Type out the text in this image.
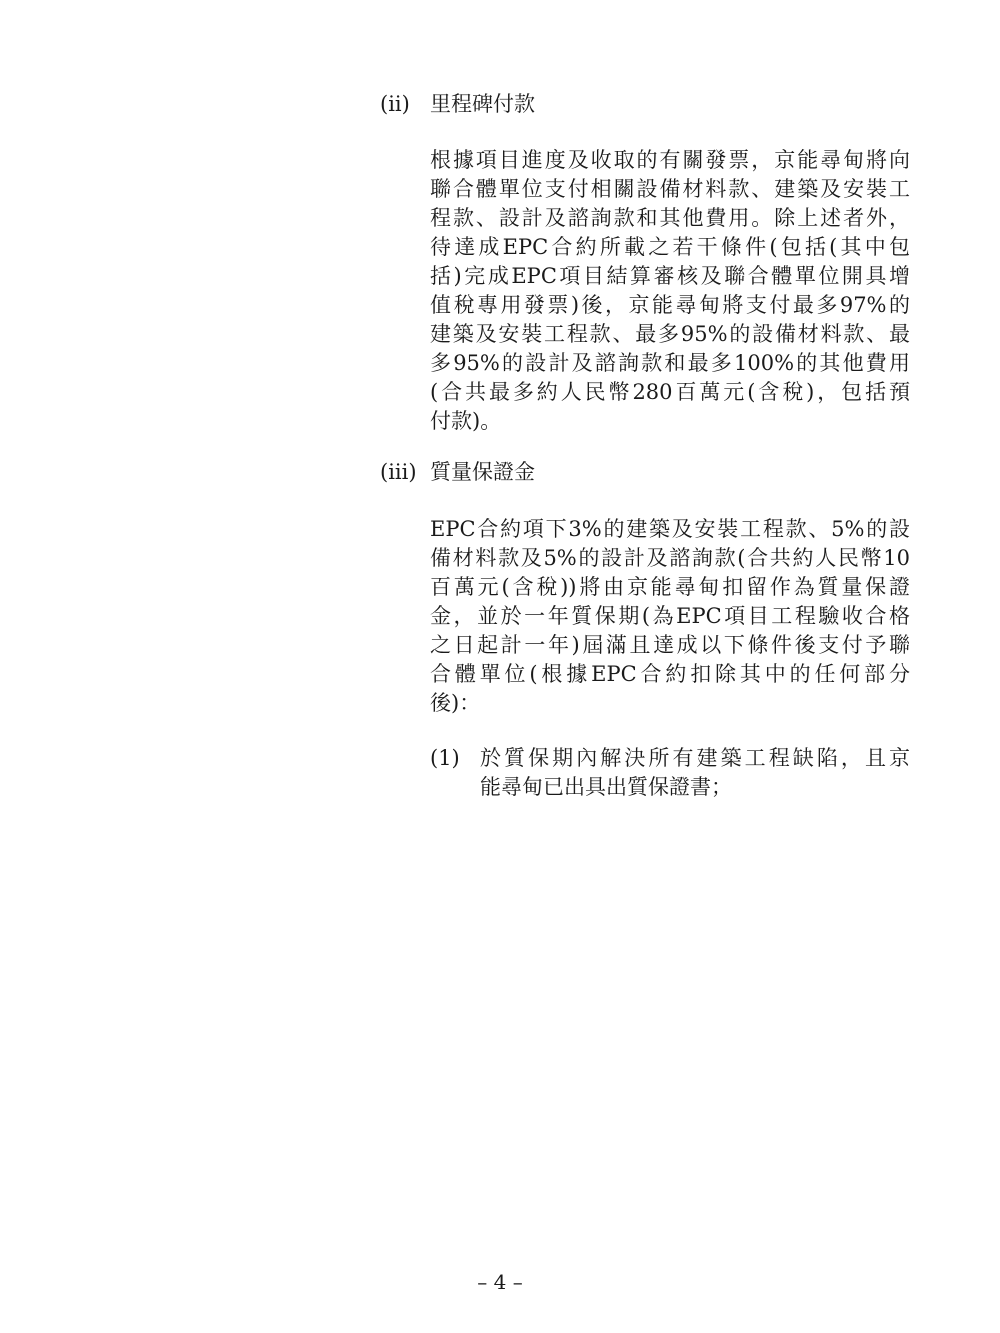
(ii) 里程碑付款
根據項目進度及收取的有關發票，京能尋甸將向
聯合體單位支付相關設備材料款、建築及安裝工
程款、設計及諮詢款和其他費用。除上述者外，
待達成EPC合約所載之若干條件(包括(其中包
括)完成EPC項目結算審核及聯合體單位開具增
值稅專用發票)後，京能尋甸將支付最多97%的
建築及安裝工程款、最多95%的設備材料款、最
多95%的設計及諮詢款和最多100%的其他費用
(合共最多約人民幣280百萬元(含稅)，包括預
付款)。
(iii) 質量保證金
EPC合約項下3%的建築及安裝工程款、5%的設
備材料款及5%的設計及諮詢款(合共約人民幣10
百萬元(含稅))將由京能尋甸扣留作為質量保證
金，並於一年質保期(為EPC項目工程驗收合格
之日起計一年)屆滿且達成以下條件後支付予聯
合體單位(根據EPC合約扣除其中的任何部分
後)：
(1) 於質保期內解決所有建築工程缺陷，且京
能尋甸已出具出質保證書；
– 4 –
